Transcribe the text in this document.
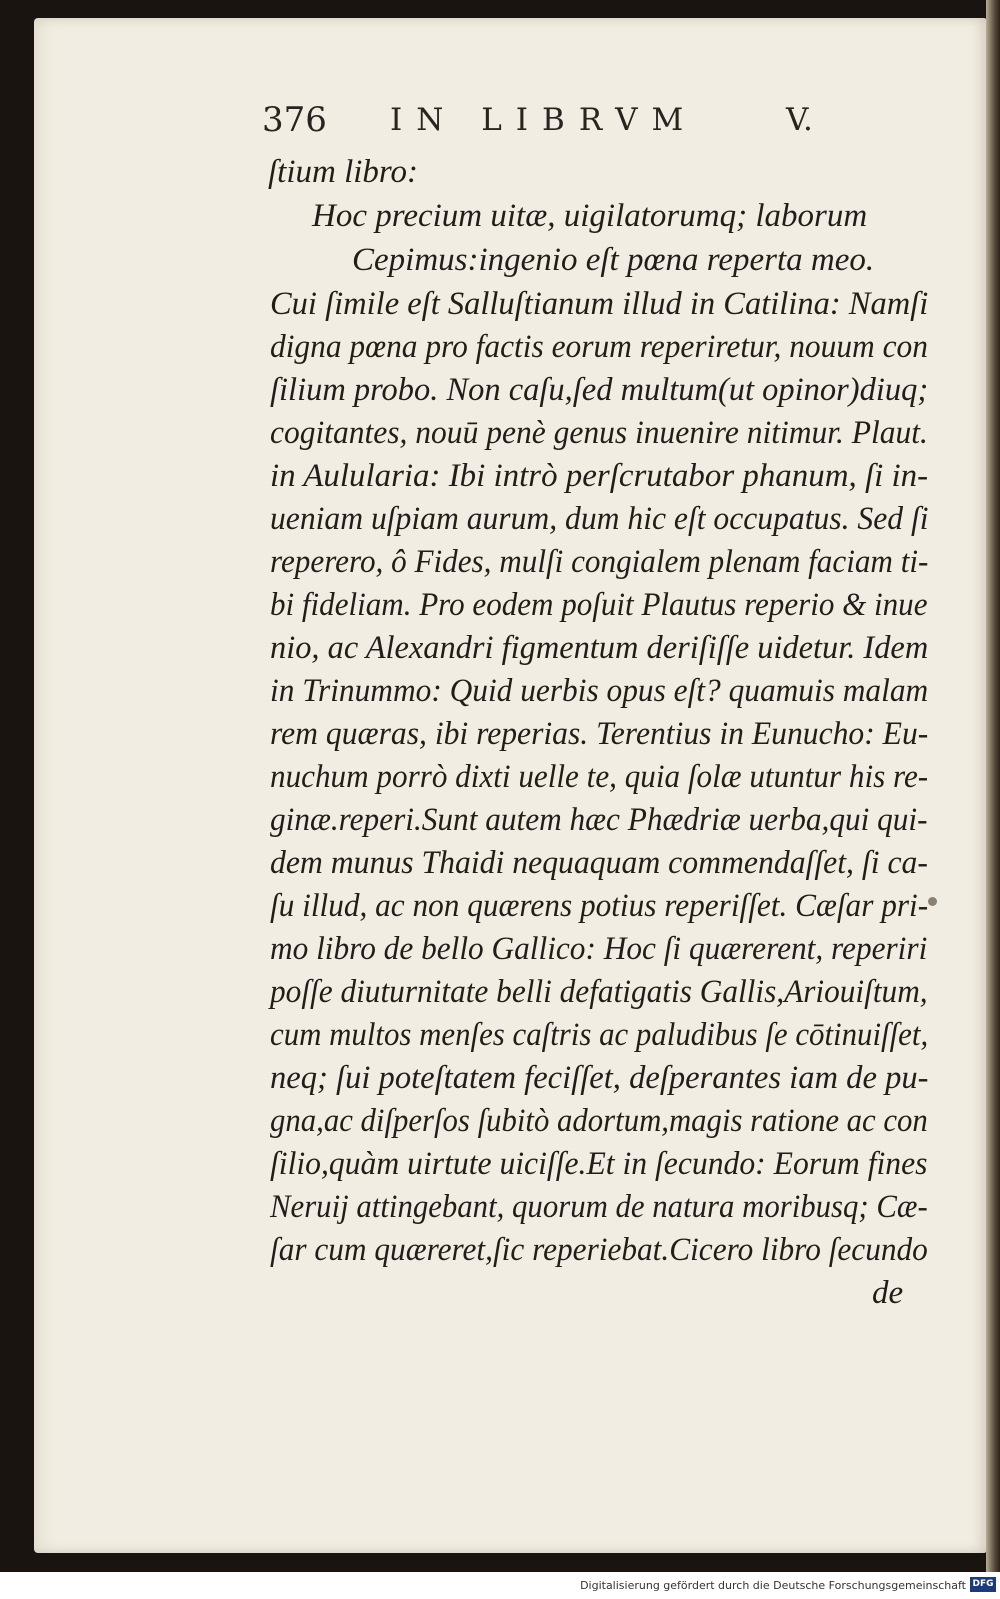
376 IN LIBRVM	V.
ſtium libro:
Hoc precium uitæ, uigilatorumq; laborum
Cepimus:ingenio eſt pœna reperta meo.
Cui ſimile eſt Salluſtianum illud in Catilina: Namſi
digna pœna pro factis eorum reperiretur, nouum con
ſilium probo. Non caſu,ſed multum(ut opinor)diuq;
cogitantes, nouū penè genus inuenire nitimur. Plaut.
in Aulularia: Ibi intrò perſcrutabor phanum, ſi in-
ueniam uſpiam aurum, dum hic eſt occupatus. Sed ſi
reperero, ô Fides, mulſi congialem plenam faciam ti-
bi fideliam. Pro eodem poſuit Plautus reperio & inue
nio, ac Alexandri figmentum deriſiſſe uidetur. Idem
in Trinummo: Quid uerbis opus eſt? quamuis malam
rem quæras, ibi reperias. Terentius in Eunucho: Eu-
nuchum porrò dixti uelle te, quia ſolæ utuntur his re-
ginæ.reperi.Sunt autem hæc Phædriæ uerba,qui qui-
dem munus Thaidi nequaquam commendaſſet, ſi ca-
ſu illud, ac non quærens potius reperiſſet. Cæſar pri-
mo libro de bello Gallico: Hoc ſi quærerent, reperiri
poſſe diuturnitate belli defatigatis Gallis,Ariouiſtum,
cum multos menſes caſtris ac paludibus ſe cōtinuiſſet,
neq; ſui poteſtatem feciſſet, deſperantes iam de pu-
gna,ac diſperſos ſubitò adortum,magis ratione ac con
ſilio,quàm uirtute uiciſſe.Et in ſecundo: Eorum fines
Neruij attingebant, quorum de natura moribusq; Cæ-
ſar cum quæreret,ſic reperiebat.Cicero libro ſecundo
de
Digitalisierung gefördert durch die Deutsche Forschungsgemeinschaft DFG
